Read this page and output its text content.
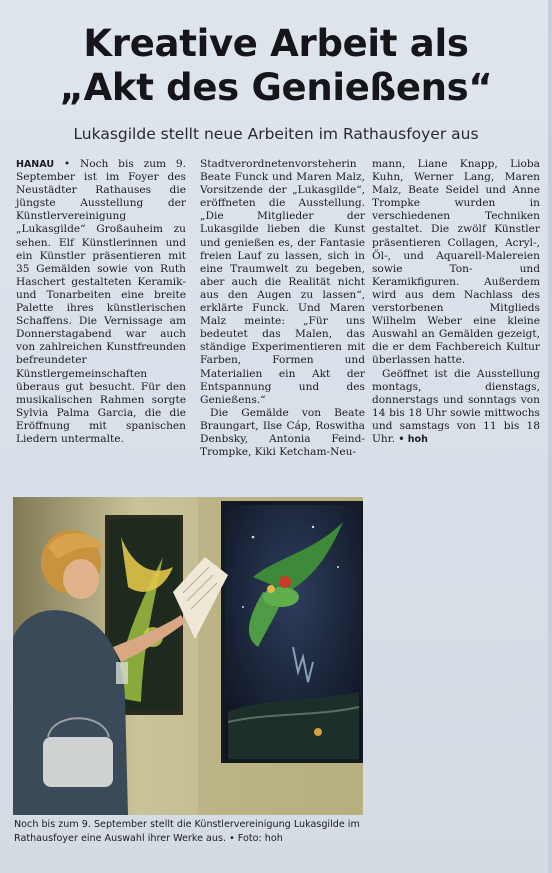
Kreative Arbeit als
„Akt des Genießens“
Lukasgilde stellt neue Arbeiten im Rathausfoyer aus

HANAU • Noch bis zum 9. September ist im Foyer des Neustädter Rathauses die jüngste Ausstellung der Künstlervereinigung „Lukasgilde“ Großauheim zu sehen. Elf Künstlerinnen und ein Künstler präsentieren mit 35 Gemälden sowie von Ruth Haschert gestalteten Keramik- und Tonarbeiten eine breite Palette ihres künstlerischen Schaffens. Die Vernissage am Donnerstagabend war auch von zahlreichen Kunstfreunden befreundeter Künstlergemeinschaften überaus gut besucht. Für den musikalischen Rahmen sorgte Sylvia Palma Garcia, die die Eröffnung mit spanischen Liedern untermalte.

Stadtverordnetenvorsteherin Beate Funck und Maren Malz, Vorsitzende der „Lukasgilde“, eröffneten die Ausstellung. „Die Mitglieder der Lukasgilde lieben die Kunst und genießen es, der Fantasie freien Lauf zu lassen, sich in eine Traumwelt zu begeben, aber auch die Realität nicht aus den Augen zu lassen“, erklärte Funck. Und Maren Malz meinte: „Für uns bedeutet das Malen, das ständige Experimentieren mit Farben, Formen und Materialien ein Akt der Entspannung und des Genießens.“

Die Gemälde von Beate Braungart, Ilse Cáp, Roswitha Denbsky, Antonia Feind-Trompke, Kiki Ketcham-Neu-

mann, Liane Knapp, Lioba Kuhn, Werner Lang, Maren Malz, Beate Seidel und Anne Trompke wurden in verschiedenen Techniken gestaltet. Die zwölf Künstler präsentieren Collagen, Acryl-, Öl-, und Aquarell-Malereien sowie Ton- und Keramikfiguren. Außerdem wird aus dem Nachlass des verstorbenen Mitglieds Wilhelm Weber eine kleine Auswahl an Gemälden gezeigt, die er dem Fachbereich Kultur überlassen hatte.

Geöffnet ist die Ausstellung montags, dienstags, donnerstags und sonntags von 14 bis 18 Uhr sowie mittwochs und samstags von 11 bis 18 Uhr. • hoh

Noch bis zum 9. September stellt die Künstlervereinigung Lukasgilde im Rathausfoyer eine Auswahl ihrer Werke aus. • Foto: hoh
